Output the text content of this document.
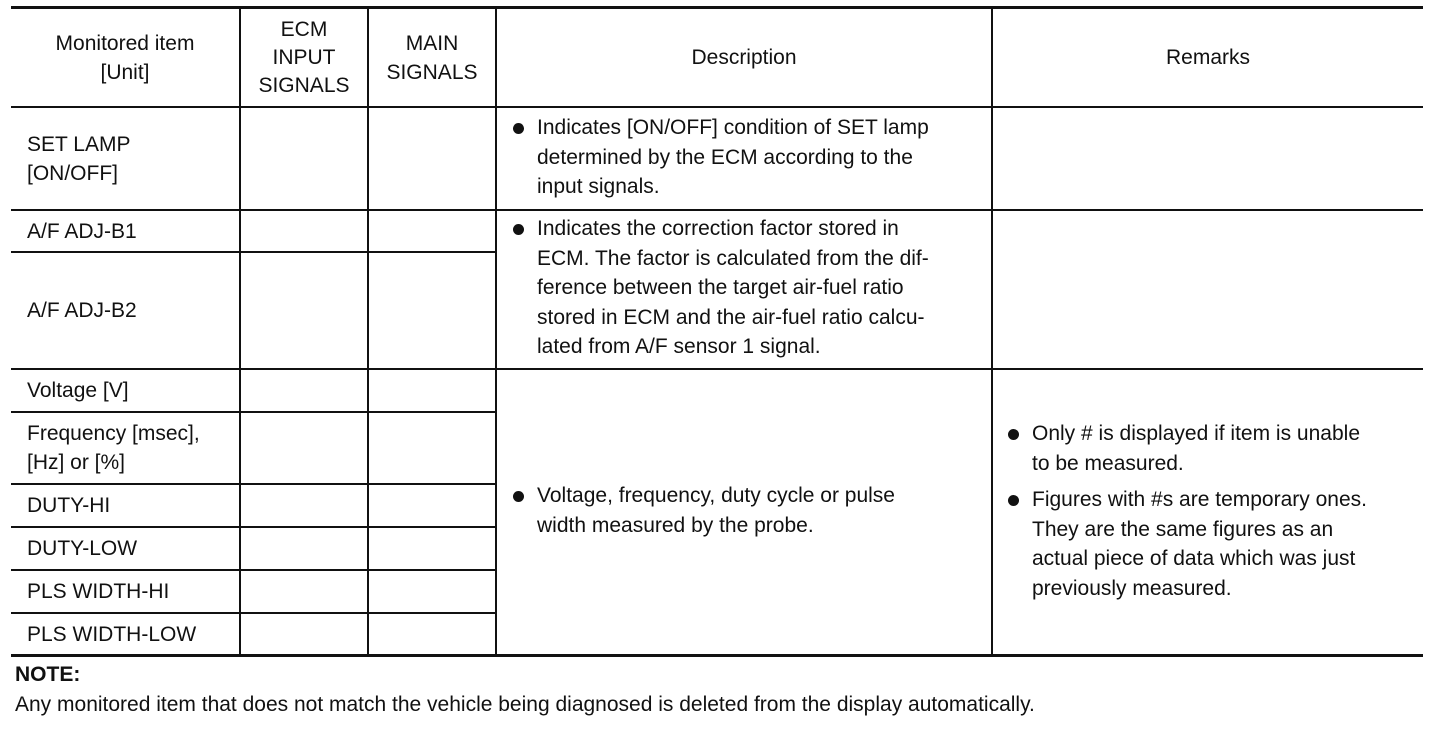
Monitored item
[Unit]
ECM
INPUT
SIGNALS
MAIN
SIGNALS
Description	Remarks
SET LAMP
[ON/OFF]
Indicates [ON/OFF] condition of SET lamp
determined by the ECM according to the
input signals.
A/F ADJ-B1
A/F ADJ-B2
Indicates the correction factor stored in
ECM. The factor is calculated from the dif-
ference between the target air-fuel ratio
stored in ECM and the air-fuel ratio calcu-
lated from A/F sensor 1 signal.
Voltage [V]
Frequency [msec],
[Hz] or [%]
DUTY-HI
DUTY-LOW
PLS WIDTH-HI
PLS WIDTH-LOW
Voltage, frequency, duty cycle or pulse
width measured by the probe.
Only # is displayed if item is unable
to be measured.
Figures with #s are temporary ones.
They are the same figures as an
actual piece of data which was just
previously measured.
NOTE:
Any monitored item that does not match the vehicle being diagnosed is deleted from the display automatically.
